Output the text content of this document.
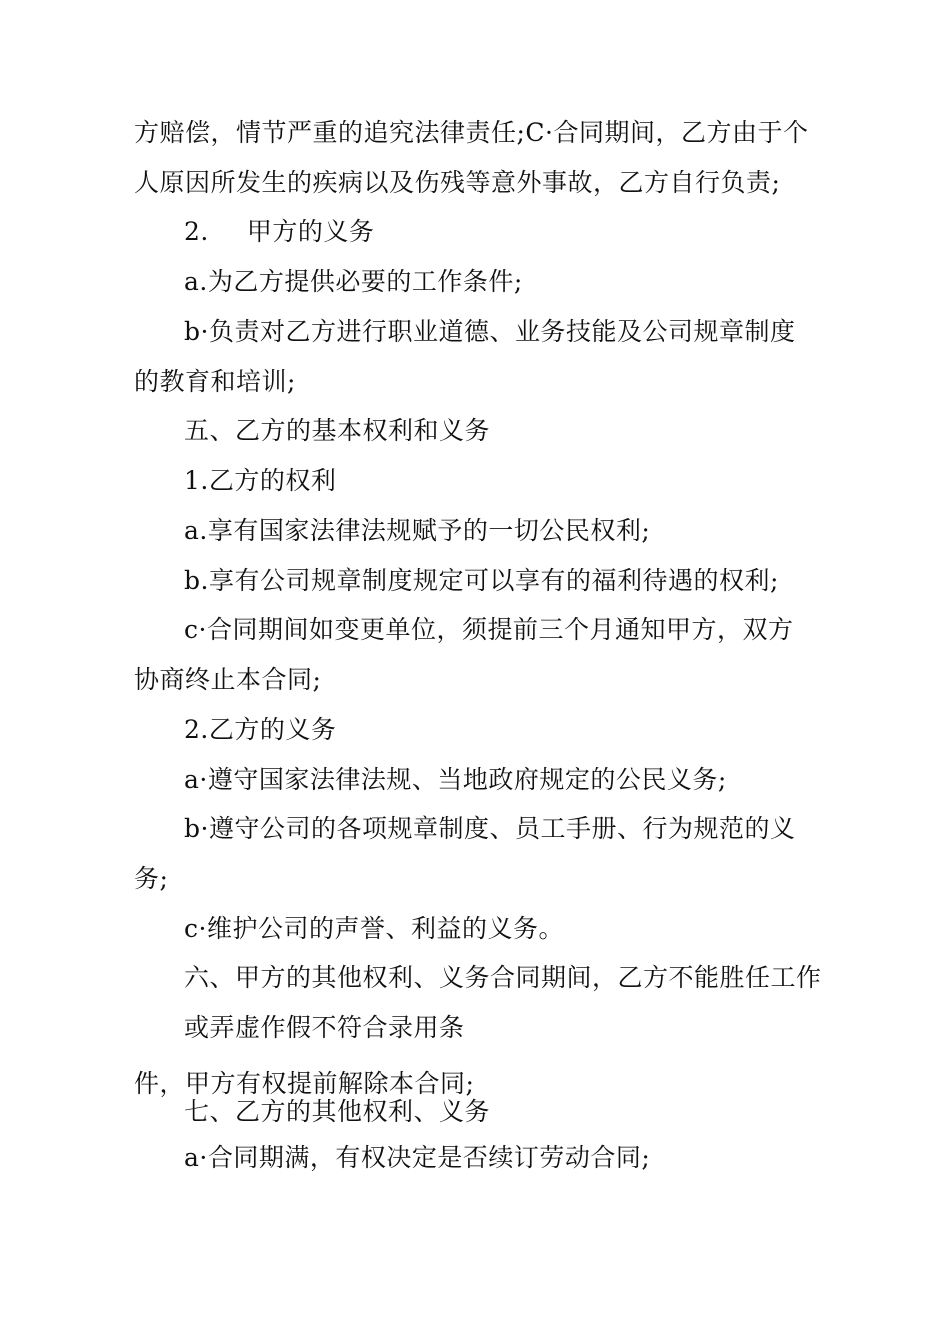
方赔偿，情节严重的追究法律责任;C·合同期间，乙方由于个
人原因所发生的疾病以及伤残等意外事故，乙方自行负责;
2. 甲方的义务
a.为乙方提供必要的工作条件;
b·负责对乙方进行职业道德、业务技能及公司规章制度
的教育和培训;
五、乙方的基本权利和义务
1.乙方的权利
a.享有国家法律法规赋予的一切公民权利;
b.享有公司规章制度规定可以享有的福利待遇的权利;
c·合同期间如变更单位，须提前三个月通知甲方，双方
协商终止本合同;
2.乙方的义务
a·遵守国家法律法规、当地政府规定的公民义务;
b·遵守公司的各项规章制度、员工手册、行为规范的义
务;
c·维护公司的声誉、利益的义务。
六、甲方的其他权利、义务合同期间，乙方不能胜任工作
或弄虚作假不符合录用条
件，甲方有权提前解除本合同;
七、乙方的其他权利、义务
a·合同期满，有权决定是否续订劳动合同;
